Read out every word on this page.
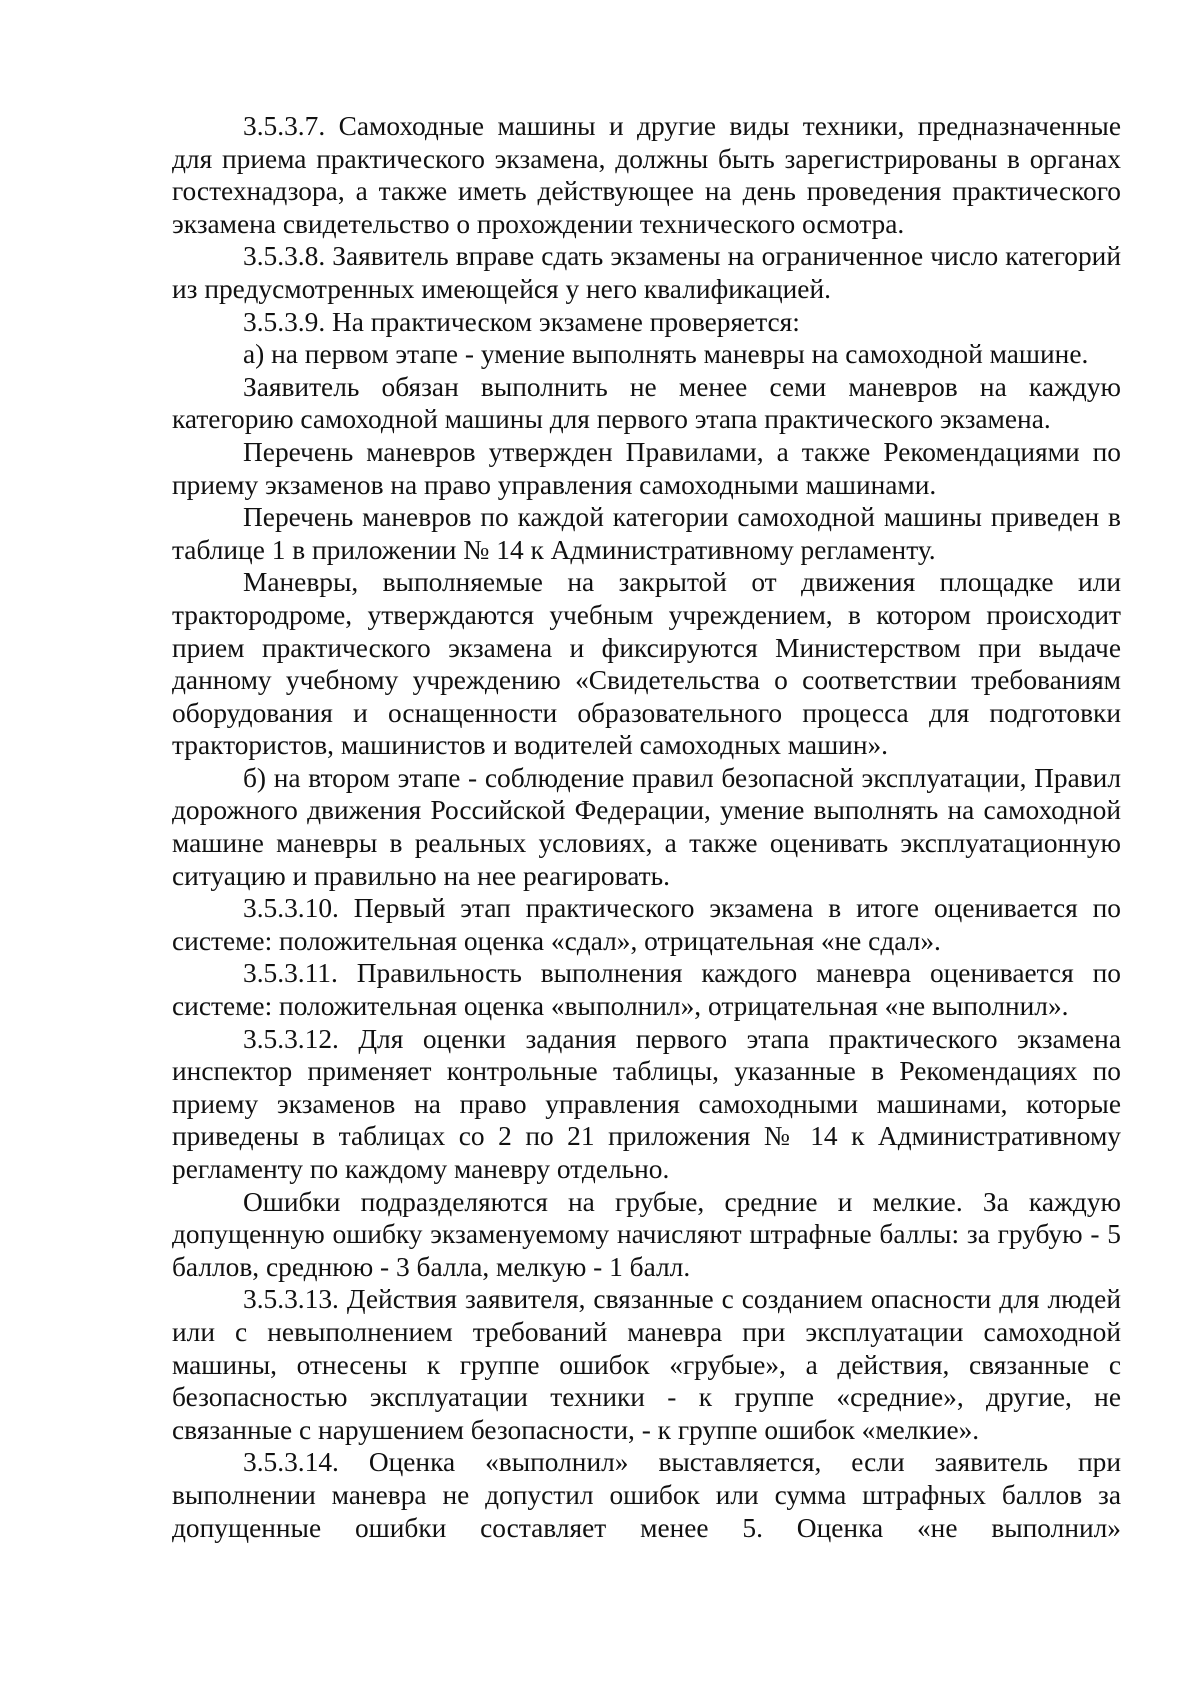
3.5.3.7. Самоходные машины и другие виды техники, предназначенные для приема практического экзамена, должны быть зарегистрированы в органах гостехнадзора, а также иметь действующее на день проведения практического экзамена свидетельство о прохождении технического осмотра.

3.5.3.8. Заявитель вправе сдать экзамены на ограниченное число категорий из предусмотренных имеющейся у него квалификацией.

3.5.3.9. На практическом экзамене проверяется:

а) на первом этапе - умение выполнять маневры на самоходной машине.

Заявитель обязан выполнить не менее семи маневров на каждую категорию самоходной машины для первого этапа практического экзамена.

Перечень маневров утвержден Правилами, а также Рекомендациями по приему экзаменов на право управления самоходными машинами.

Перечень маневров по каждой категории самоходной машины приведен в таблице 1 в приложении № 14 к Административному регламенту.

Маневры, выполняемые на закрытой от движения площадке или трактородроме, утверждаются учебным учреждением, в котором происходит прием практического экзамена и фиксируются Министерством при выдаче данному учебному учреждению «Свидетельства о соответствии требованиям оборудования и оснащенности образовательного процесса для подготовки трактористов, машинистов и водителей самоходных машин».

б) на втором этапе - соблюдение правил безопасной эксплуатации, Правил дорожного движения Российской Федерации, умение выполнять на самоходной машине маневры в реальных условиях, а также оценивать эксплуатационную ситуацию и правильно на нее реагировать.

3.5.3.10. Первый этап практического экзамена в итоге оценивается по системе: положительная оценка «сдал», отрицательная «не сдал».

3.5.3.11. Правильность выполнения каждого маневра оценивается по системе: положительная оценка «выполнил», отрицательная «не выполнил».

3.5.3.12. Для оценки задания первого этапа практического экзамена инспектор применяет контрольные таблицы, указанные в Рекомендациях по приему экзаменов на право управления самоходными машинами, которые приведены в таблицах со 2 по 21 приложения № 14 к Административному регламенту по каждому маневру отдельно.

Ошибки подразделяются на грубые, средние и мелкие. За каждую допущенную ошибку экзаменуемому начисляют штрафные баллы: за грубую - 5 баллов, среднюю - 3 балла, мелкую - 1 балл.

3.5.3.13. Действия заявителя, связанные с созданием опасности для людей или с невыполнением требований маневра при эксплуатации самоходной машины, отнесены к группе ошибок «грубые», а действия, связанные с безопасностью эксплуатации техники - к группе «средние», другие, не связанные с нарушением безопасности, - к группе ошибок «мелкие».

3.5.3.14. Оценка «выполнил» выставляется, если заявитель при выполнении маневра не допустил ошибок или сумма штрафных баллов за допущенные ошибки составляет менее 5. Оценка «не выполнил»
